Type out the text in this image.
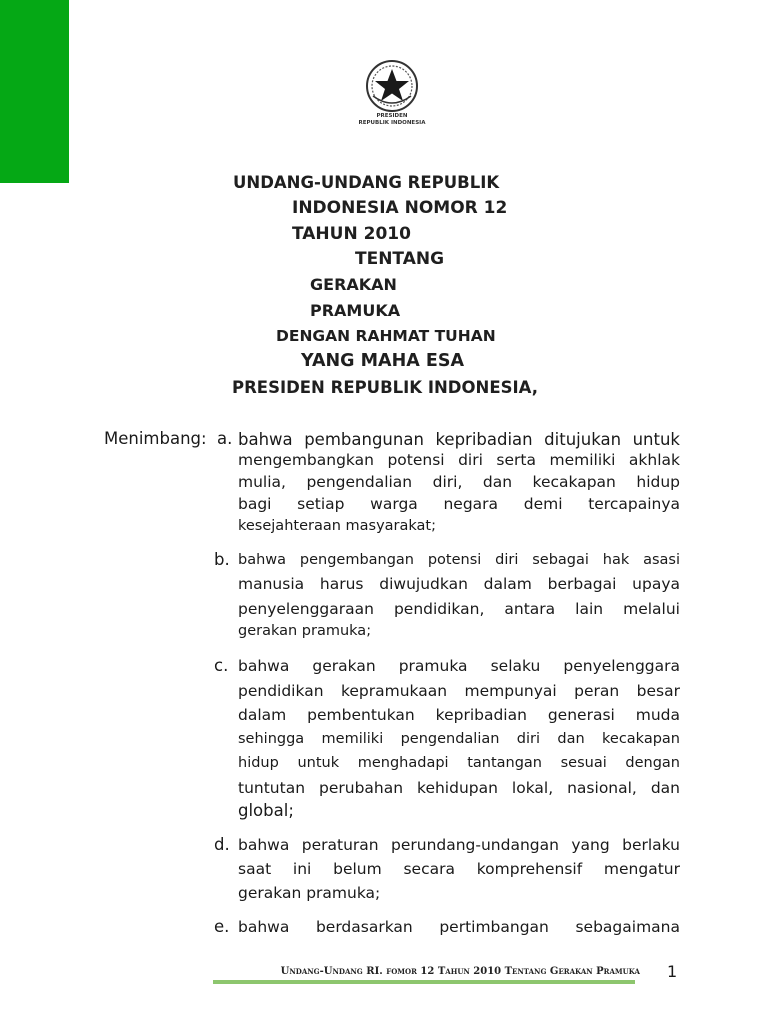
PRESIDEN
REPUBLIK INDONESIA
UNDANG-UNDANG REPUBLIK
INDONESIA NOMOR 12
TAHUN 2010
TENTANG
GERAKAN
PRAMUKA
DENGAN RAHMAT TUHAN
YANG MAHA ESA
PRESIDEN REPUBLIK INDONESIA,
Menimbang: a. bahwa pembangunan kepribadian ditujukan untuk
mengembangkan potensi diri serta memiliki akhlak
mulia, pengendalian diri, dan kecakapan hidup
bagi setiap warga negara demi tercapainya
kesejahteraan masyarakat;
b. bahwa pengembangan potensi diri sebagai hak asasi
manusia harus diwujudkan dalam berbagai upaya
penyelenggaraan pendidikan, antara lain melalui
gerakan pramuka;
c. bahwa gerakan pramuka selaku penyelenggara
pendidikan kepramukaan mempunyai peran besar
dalam pembentukan kepribadian generasi muda
sehingga memiliki pengendalian diri dan kecakapan
hidup untuk menghadapi tantangan sesuai dengan
tuntutan perubahan kehidupan lokal, nasional, dan
global;
d. bahwa peraturan perundang-undangan yang berlaku
saat ini belum secara komprehensif mengatur
gerakan pramuka;
e. bahwa berdasarkan pertimbangan sebagaimana
Undang-Undang RI. fomor 12 Tahun 2010 Tentang Gerakan Pramuka 1
